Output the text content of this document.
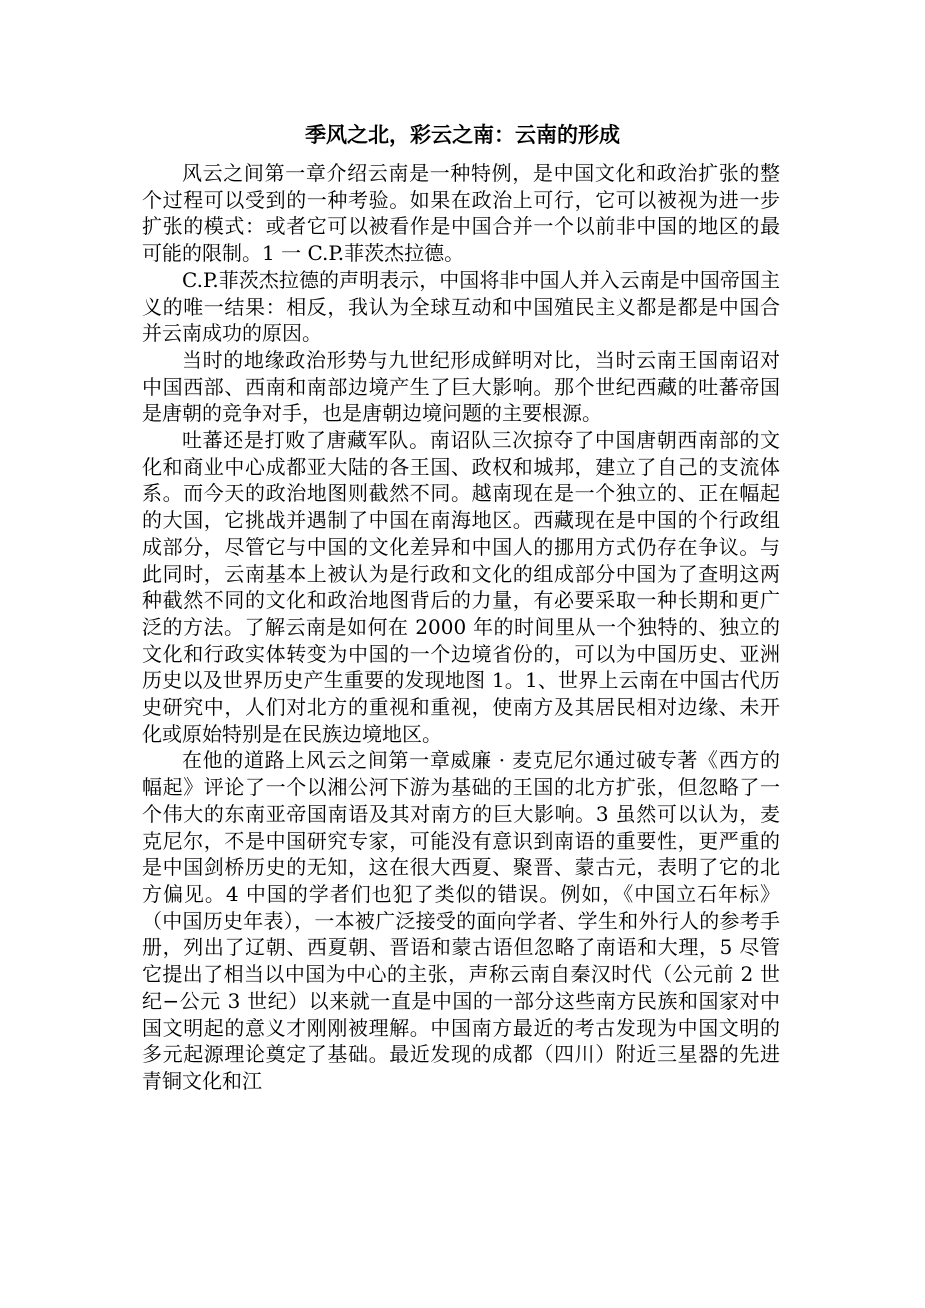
季风之北，彩云之南：云南的形成

风云之间第一章介绍云南是一种特例，是中国文化和政治扩张的整个过程可以受到的一种考验。如果在政治上可行，它可以被视为进一步扩张的模式：或者它可以被看作是中国合并一个以前非中国的地区的最可能的限制。1 一 C.P.菲茨杰拉德。

C.P.菲茨杰拉德的声明表示，中国将非中国人并入云南是中国帝国主义的唯一结果：相反，我认为全球互动和中国殖民主义都是都是中国合并云南成功的原因。

当时的地缘政治形势与九世纪形成鲜明对比，当时云南王国南诏对中国西部、西南和南部边境产生了巨大影响。那个世纪西藏的吐蕃帝国是唐朝的竞争对手，也是唐朝边境问题的主要根源。

吐蕃还是打败了唐藏军队。南诏队三次掠夺了中国唐朝西南部的文化和商业中心成都亚大陆的各王国、政权和城邦，建立了自己的支流体系。而今天的政治地图则截然不同。越南现在是一个独立的、正在幅起的大国，它挑战并遇制了中国在南海地区。西藏现在是中国的个行政组成部分，尽管它与中国的文化差异和中国人的挪用方式仍存在争议。与此同时，云南基本上被认为是行政和文化的组成部分中国为了查明这两种截然不同的文化和政治地图背后的力量，有必要采取一种长期和更广泛的方法。了解云南是如何在 2000 年的时间里从一个独特的、独立的文化和行政实体转变为中国的一个边境省份的，可以为中国历史、亚洲历史以及世界历史产生重要的发现地图 1。1、世界上云南在中国古代历史研究中，人们对北方的重视和重视，使南方及其居民相对边缘、未开化或原始特别是在民族边境地区。

在他的道路上风云之间第一章威廉 · 麦克尼尔通过破专著《西方的幅起》评论了一个以湘公河下游为基础的王国的北方扩张，但忽略了一个伟大的东南亚帝国南语及其对南方的巨大影响。3 虽然可以认为，麦克尼尔，不是中国研究专家，可能没有意识到南语的重要性，更严重的是中国剑桥历史的无知，这在很大西夏、聚晋、蒙古元，表明了它的北方偏见。4 中国的学者们也犯了类似的错误。例如，《中国立石年标》（中国历史年表），一本被广泛接受的面向学者、学生和外行人的参考手册，列出了辽朝、西夏朝、晋语和蒙古语但忽略了南语和大理，5 尽管它提出了相当以中国为中心的主张，声称云南自秦汉时代（公元前 2 世纪−公元 3 世纪）以来就一直是中国的一部分这些南方民族和国家对中国文明起的意义才刚刚被理解。中国南方最近的考古发现为中国文明的多元起源理论奠定了基础。最近发现的成都（四川）附近三星器的先进青铜文化和江
